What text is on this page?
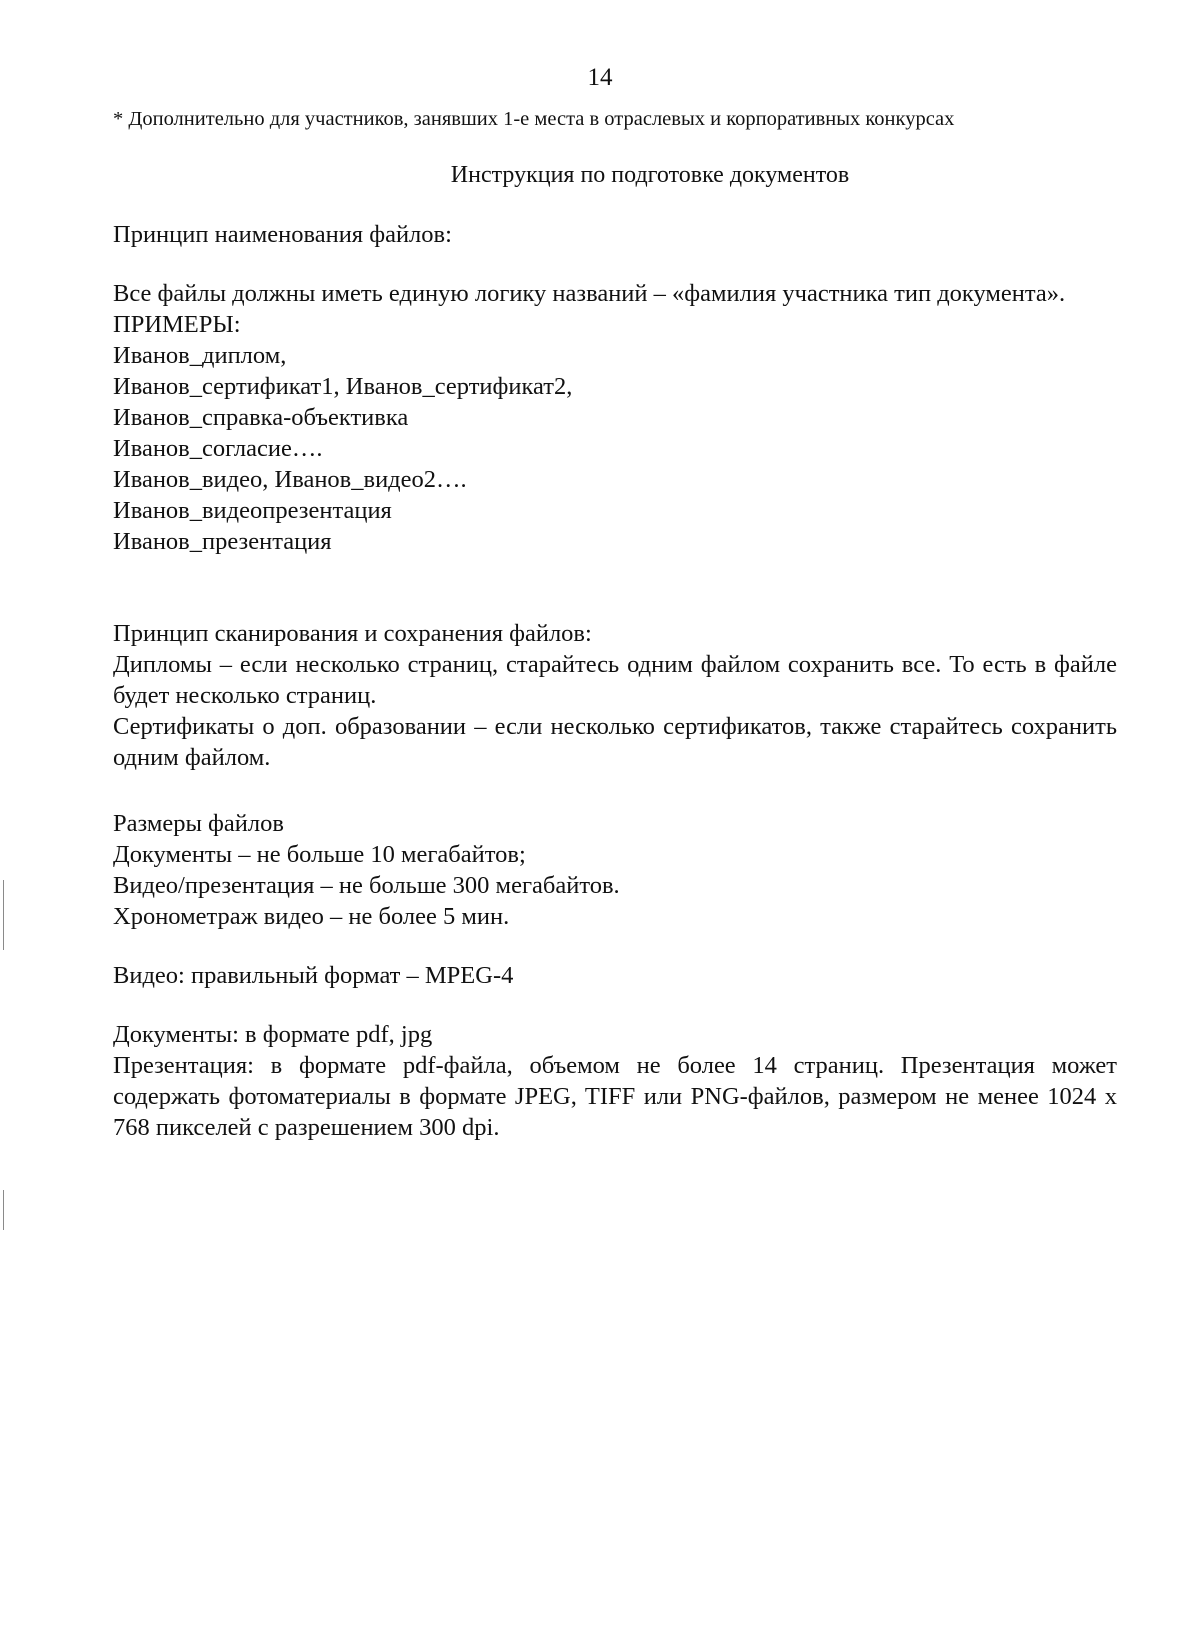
14
* Дополнительно для участников, занявших 1-е места в отраслевых и корпоративных конкурсах
Инструкция по подготовке документов
Принцип наименования файлов:
Все файлы должны иметь единую логику названий – «фамилия участника тип документа».
ПРИМЕРЫ:
Иванов_диплом,
Иванов_сертификат1, Иванов_сертификат2,
Иванов_справка-объективка
Иванов_согласие….
Иванов_видео, Иванов_видео2….
Иванов_видеопрезентация
Иванов_презентация
Принцип сканирования и сохранения файлов:
Дипломы – если несколько страниц, старайтесь одним файлом сохранить все. То есть в файле будет несколько страниц.
Сертификаты о доп. образовании – если несколько сертификатов, также старайтесь сохранить одним файлом.
Размеры файлов
Документы – не больше 10 мегабайтов;
Видео/презентация – не больше 300 мегабайтов.
Хронометраж видео – не более 5 мин.
Видео: правильный формат – MPEG-4
Документы: в формате pdf, jpg
Презентация: в формате pdf-файла, объемом не более 14 страниц. Презентация может содержать фотоматериалы в формате JPEG, TIFF или PNG-файлов, размером не менее 1024 х 768 пикселей с разрешением 300 dpi.
